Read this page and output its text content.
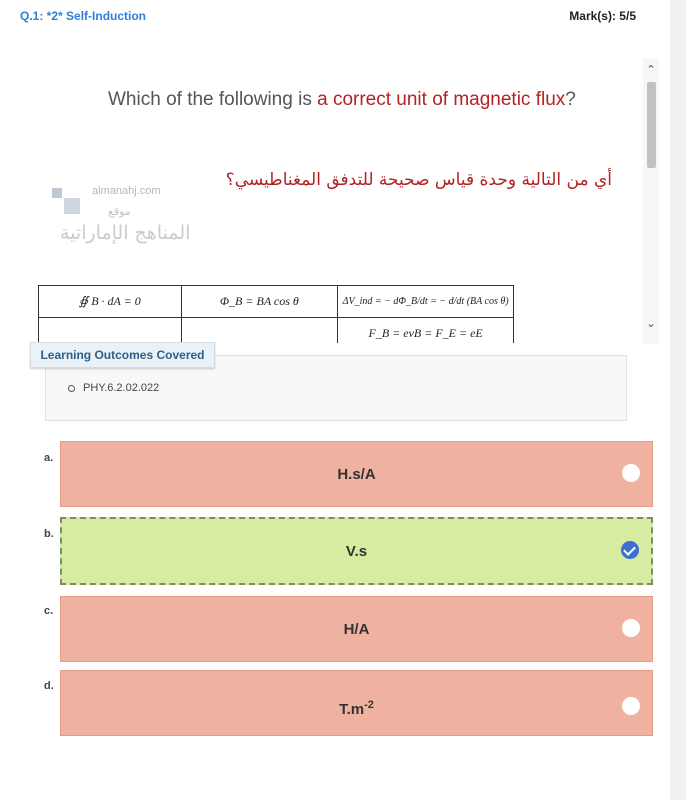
Q.1: *2* Self-Induction	Mark(s): 5/5
⌃
⌄
Which of the following is a correct unit of magnetic flux?
أي من التالية وحدة قياس صحيحة للتدفق المغناطيسي؟
almanahj.com
موقع
المناهج الإماراتية
∯ B · dA = 0	Φ_B = BA cos θ	ΔV_ind = − dΦ_B/dt = − d/dt (BA cos θ)
		F_B = evB = F_E = eE
Learning Outcomes Covered
PHY.6.2.02.022
a.
H.s/A
b.
V.s
c.
H/A
d.
$T.m^{-2}$
